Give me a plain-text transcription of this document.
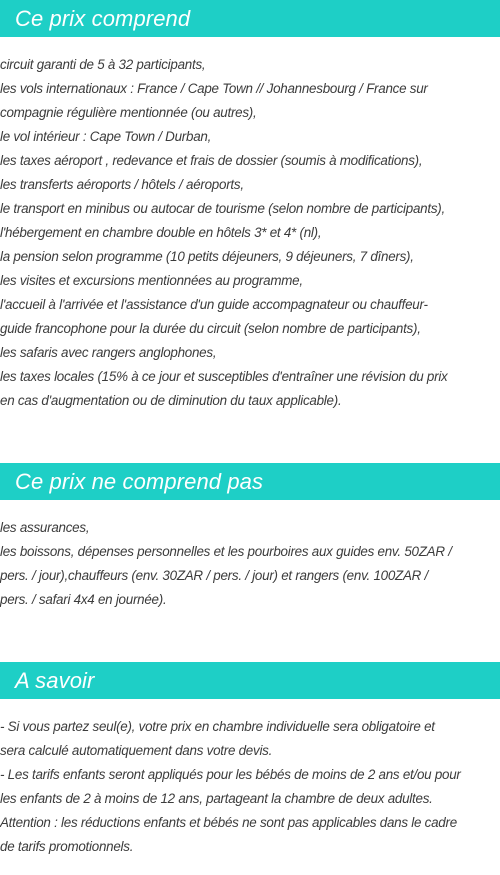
Ce prix comprend

circuit garanti de 5 à 32 participants,

les vols internationaux : France / Cape Town // Johannesbourg / France sur

compagnie régulière mentionnée (ou autres),

le vol intérieur : Cape Town / Durban,

les taxes aéroport , redevance et frais de dossier (soumis à modifications),

les transferts aéroports / hôtels / aéroports,

le transport en minibus ou autocar de tourisme (selon nombre de participants),

l'hébergement en chambre double en hôtels 3* et 4* (nl),

la pension selon programme (10 petits déjeuners, 9 déjeuners, 7 dîners),

les visites et excursions mentionnées au programme,

l'accueil à l'arrivée et l'assistance d'un guide accompagnateur ou chauffeur-

guide francophone pour la durée du circuit (selon nombre de participants),

les safaris avec rangers anglophones,

les taxes locales (15% à ce jour et susceptibles d'entraîner une révision du prix

en cas d'augmentation ou de diminution du taux applicable).

Ce prix ne comprend pas

les assurances,

les boissons, dépenses personnelles et les pourboires aux guides env. 50ZAR /

pers. / jour),chauffeurs (env. 30ZAR / pers. / jour) et rangers (env. 100ZAR /

pers. / safari 4x4 en journée).

A savoir

- Si vous partez seul(e), votre prix en chambre individuelle sera obligatoire et

sera calculé automatiquement dans votre devis.

- Les tarifs enfants seront appliqués pour les bébés de moins de 2 ans et/ou pour

les enfants de 2 à moins de 12 ans, partageant la chambre de deux adultes.

Attention : les réductions enfants et bébés ne sont pas applicables dans le cadre

de tarifs promotionnels.
